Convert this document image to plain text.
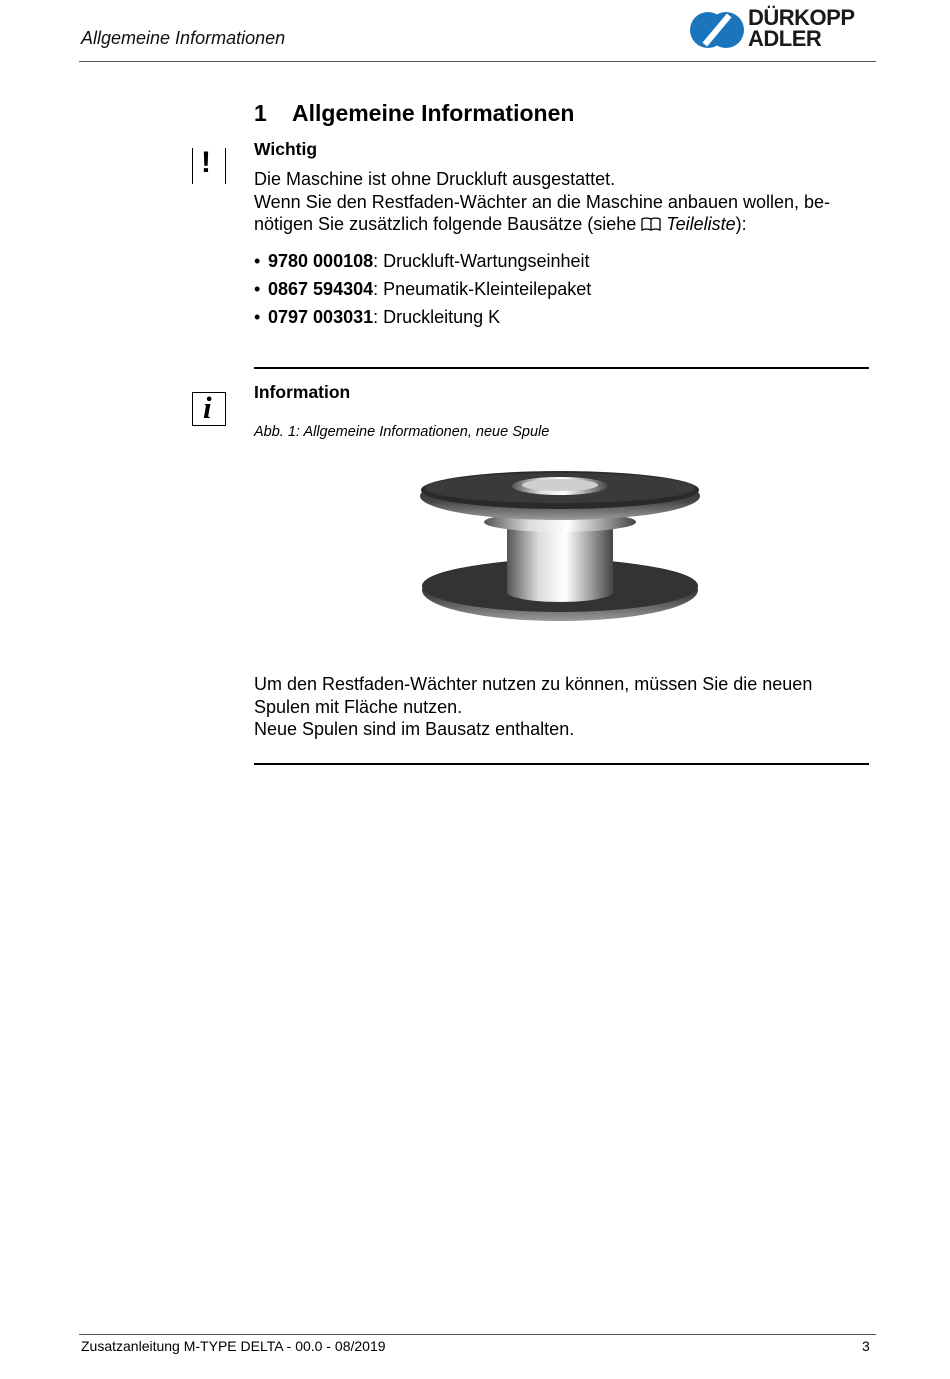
Allgemeine Informationen
DÜRKOPP
ADLER
1 Allgemeine Informationen
! Wichtig

Die Maschine ist ohne Druckluft ausgestattet.

Wenn Sie den Restfaden-Wächter an die Maschine anbauen wollen, be-

nötigen Sie zusätzlich folgende Bausätze (siehe  Teileliste):

• 9780 000108: Druckluft-Wartungseinheit
• 0867 594304: Pneumatik-Kleinteilepaket
• 0797 003031: Druckleitung K
i Information
Abb. 1: Allgemeine Informationen, neue Spule

Um den Restfaden-Wächter nutzen zu können, müssen Sie die neuen

Spulen mit Fläche nutzen.

Neue Spulen sind im Bausatz enthalten.

Zusatzanleitung M-TYPE DELTA - 00.0 - 08/2019	3
